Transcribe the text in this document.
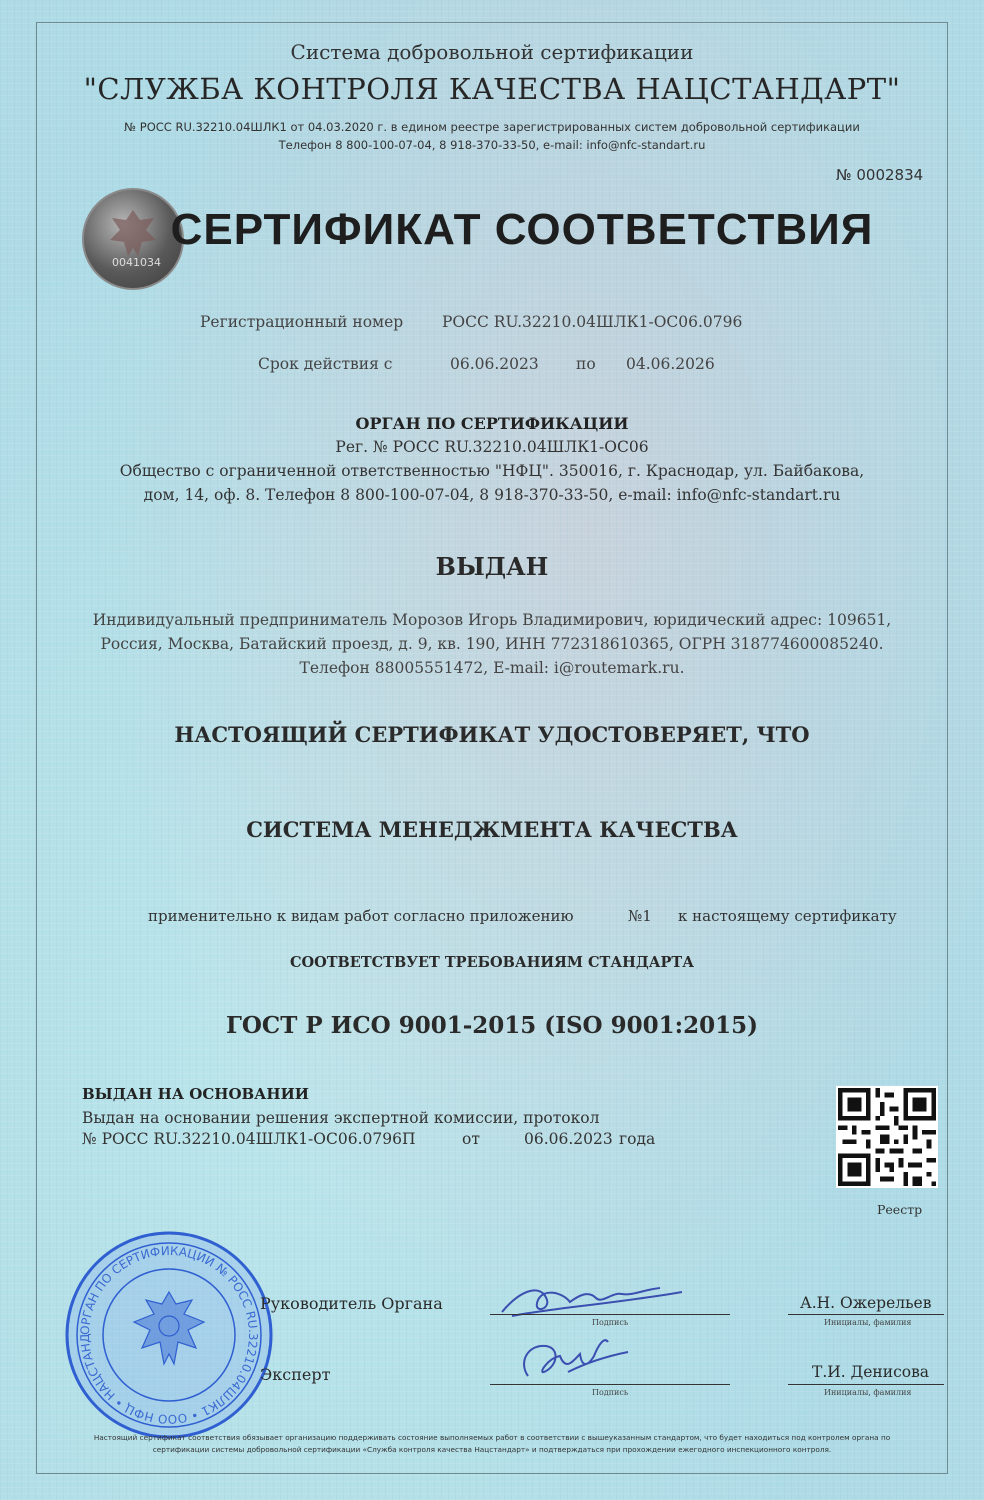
Система добровольной сертификации
"СЛУЖБА КОНТРОЛЯ КАЧЕСТВА НАЦСТАНДАРТ"
№ РОСС RU.32210.04ШЛК1 от 04.03.2020 г. в едином реестре зарегистрированных систем добровольной сертификации
Телефон 8 800-100-07-04, 8 918-370-33-50, e-mail: info@nfc-standart.ru
№ 0002834
0041034
СЕРТИФИКАТ СООТВЕТСТВИЯ
Регистрационный номер	РОСС RU.32210.04ШЛК1-ОС06.0796
Срок действия с	06.06.2023 по 04.06.2026
ОРГАН ПО СЕРТИФИКАЦИИ
Рег. № РОСС RU.32210.04ШЛК1-ОС06
Общество с ограниченной ответственностью "НФЦ". 350016, г. Краснодар, ул. Байбакова,
дом, 14, оф. 8. Телефон 8 800-100-07-04, 8 918-370-33-50, e-mail: info@nfc-standart.ru
ВЫДАН
Индивидуальный предприниматель Морозов Игорь Владимирович, юридический адрес: 109651,
Россия, Москва, Батайский проезд, д. 9, кв. 190, ИНН 772318610365, ОГРН 318774600085240.
Телефон 88005551472, E-mail: i@routemark.ru.
НАСТОЯЩИЙ СЕРТИФИКАТ УДОСТОВЕРЯЕТ, ЧТО
СИСТЕМА МЕНЕДЖМЕНТА КАЧЕСТВА
применительно к видам работ согласно приложению	№1 к настоящему сертификату
СООТВЕТСТВУЕТ ТРЕБОВАНИЯМ СТАНДАРТА
ГОСТ Р ИСО 9001-2015 (ISO 9001:2015)
ВЫДАН НА ОСНОВАНИИ
Выдан на основании решения экспертной комиссии, протокол
№ РОСС RU.32210.04ШЛК1-ОС06.0796П	от	06.06.2023 года
Реестр
ОРГАН ПО СЕРТИФИКАЦИИ № РОСС RU.32210.04ШЛК1 • ООО НФЦ • НАЦСТАНД
Руководитель Органа
Эксперт
Подпись
Подпись
А.Н. Ожерельев
Т.И. Денисова
Инициалы, фамилия
Инициалы, фамилия
Настоящий сертификат соответствия обязывает организацию поддерживать состояние выполняемых работ в соответствии с вышеуказанным стандартом, что будет находиться под контролем органа по
сертификации системы добровольной сертификации «Служба контроля качества Нацстандарт» и подтверждаться при прохождении ежегодного инспекционного контроля.
